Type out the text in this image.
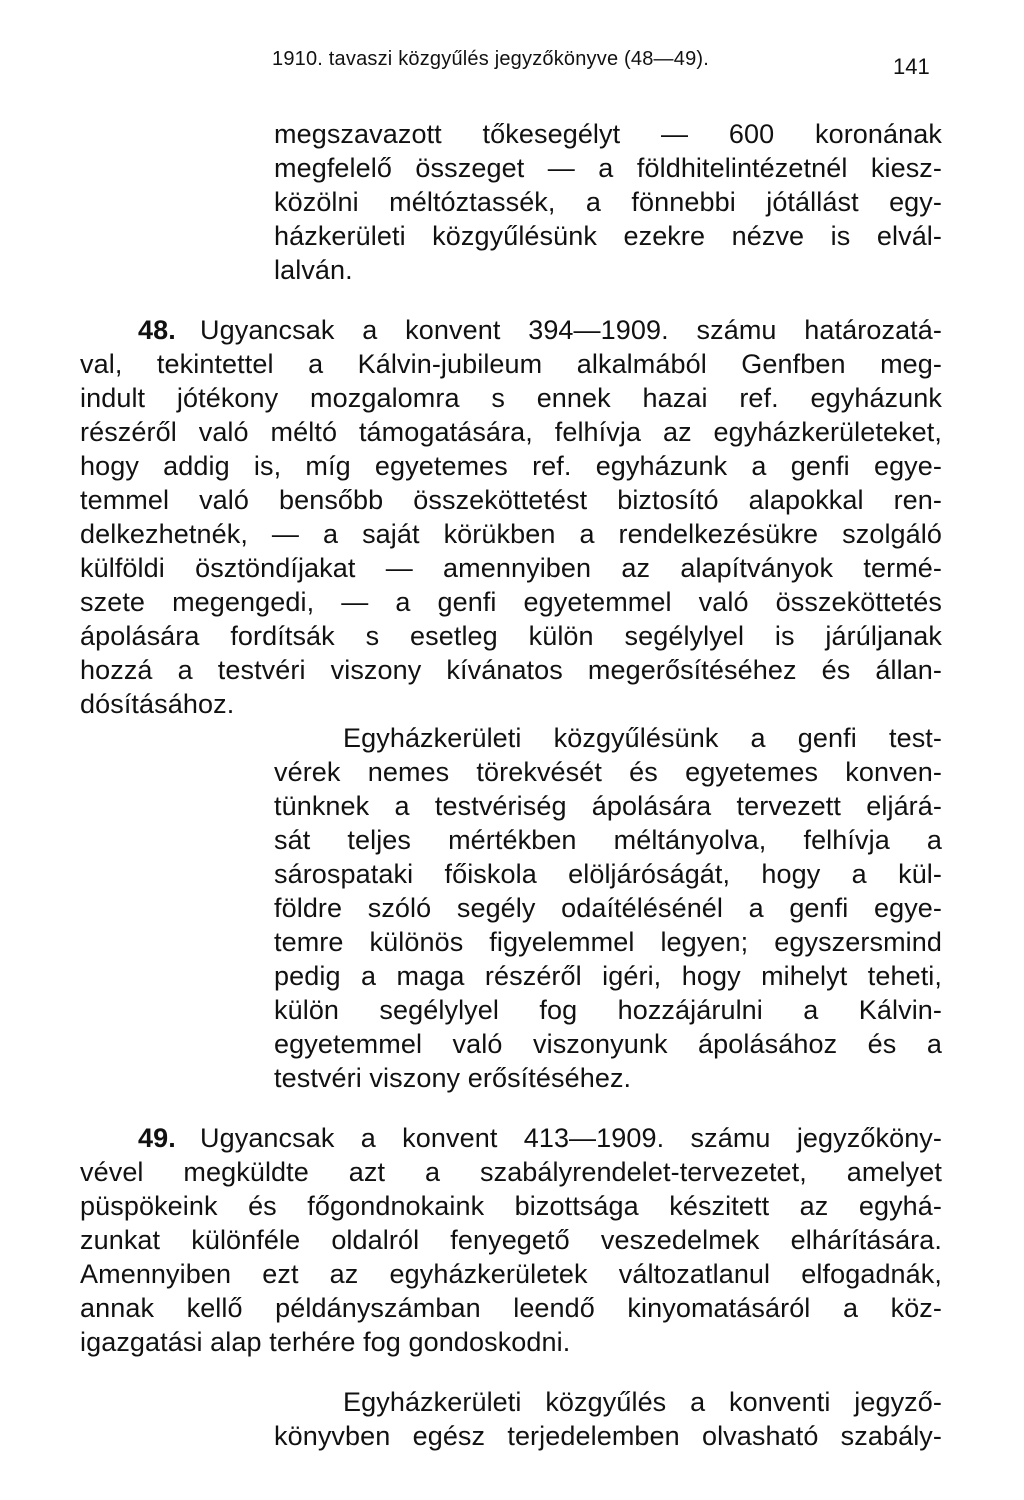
1910. tavaszi közgyűlés jegyzőkönyve (48—49).	141
megszavazott tőkesegélyt — 600 koronának
megfelelő összeget — a földhitelintézetnél kiesz-
közölni méltóztassék, a fönnebbi jótállást egy-
házkerületi közgyűlésünk ezekre nézve is elvál-
lalván.
48. Ugyancsak a konvent 394—1909. számu határozatá-
val, tekintettel a Kálvin-jubileum alkalmából Genfben meg-
indult jótékony mozgalomra s ennek hazai ref. egyházunk
részéről való méltó támogatására, felhívja az egyházkerületeket,
hogy addig is, míg egyetemes ref. egyházunk a genfi egye-
temmel való bensőbb összeköttetést biztosító alapokkal ren-
delkezhetnék, — a saját körükben a rendelkezésükre szolgáló
külföldi ösztöndíjakat — amennyiben az alapítványok termé-
szete megengedi, — a genfi egyetemmel való összeköttetés
ápolására fordítsák s esetleg külön segélylyel is járúljanak
hozzá a testvéri viszony kívánatos megerősítéséhez és állan-
dósításához.
Egyházkerületi közgyűlésünk a genfi test-
vérek nemes törekvését és egyetemes konven-
tünknek a testvériség ápolására tervezett eljárá-
sát teljes mértékben méltányolva, felhívja a
sárospataki főiskola elöljáróságát, hogy a kül-
földre szóló segély odaítélésénél a genfi egye-
temre különös figyelemmel legyen; egyszersmind
pedig a maga részéről igéri, hogy mihelyt teheti,
külön segélylyel fog hozzájárulni a Kálvin-
egyetemmel való viszonyunk ápolásához és a
testvéri viszony erősítéséhez.
49. Ugyancsak a konvent 413—1909. számu jegyzőköny-
vével megküldte azt a szabályrendelet-tervezetet, amelyet
püspökeink és főgondnokaink bizottsága készitett az egyhá-
zunkat különféle oldalról fenyegető veszedelmek elhárítására.
Amennyiben ezt az egyházkerületek változatlanul elfogadnák,
annak kellő példányszámban leendő kinyomatásáról a köz-
igazgatási alap terhére fog gondoskodni.
Egyházkerületi közgyűlés a konventi jegyző-
könyvben egész terjedelemben olvasható szabály-
